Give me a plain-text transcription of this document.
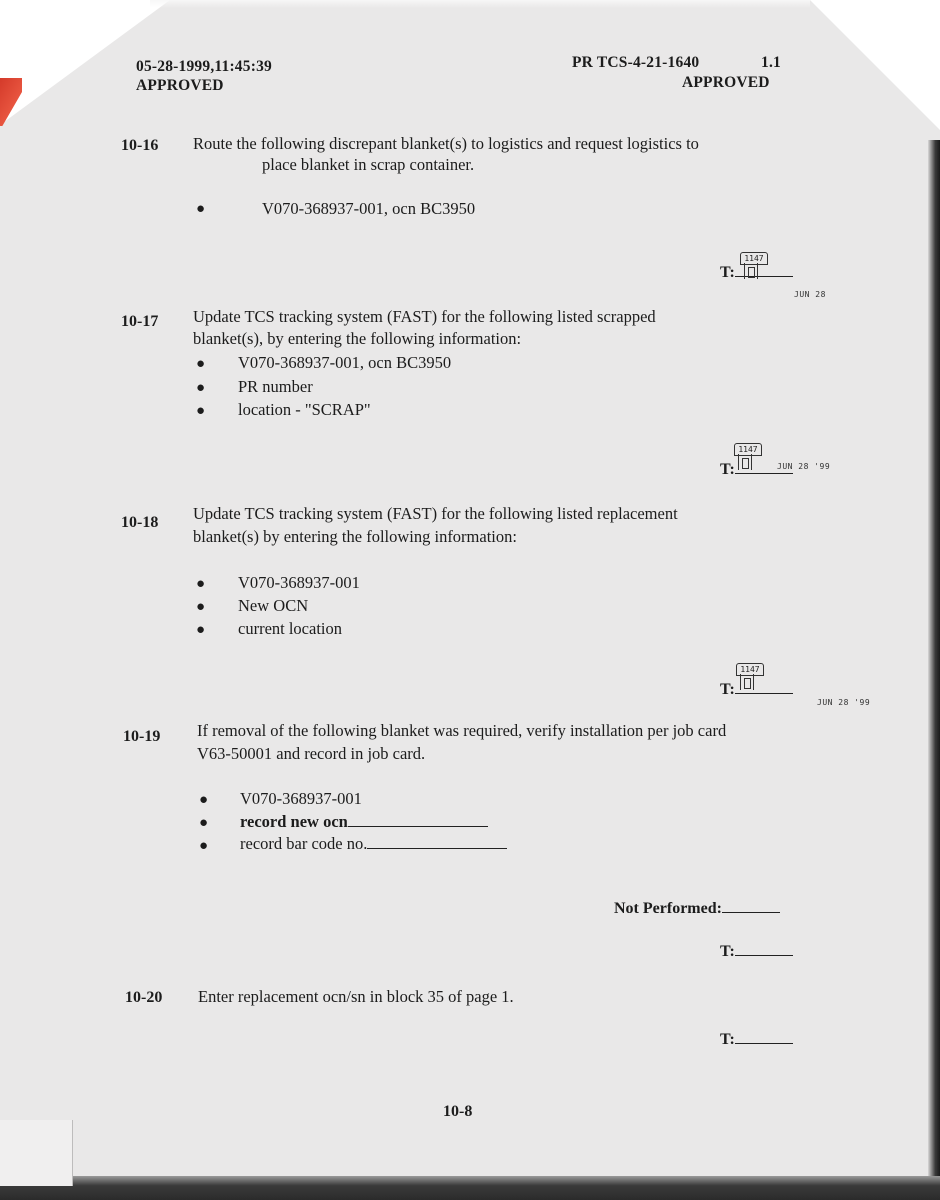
05-28-1999,11:45:39
APPROVED
PR TCS-4-21-1640	1.1
APPROVED
10-16 Route the following discrepant blanket(s) to logistics and request logistics to
place blanket in scrap container.
●	V070-368937-001, ocn BC3950
T:
1147
JUN 28
10-17 Update TCS tracking system (FAST) for the following listed scrapped
blanket(s), by entering the following information:
● V070-368937-001, ocn BC3950
● PR number
● location - "SCRAP"
T:
1147
JUN 28 '99
10-18 Update TCS tracking system (FAST) for the following listed replacement
blanket(s) by entering the following information:
● V070-368937-001
● New OCN
● current location
T:
1147
JUN 28 '99
10-19 If removal of the following blanket was required, verify installation per job card
V63-50001 and record in job card.
● V070-368937-001
● record new ocn
● record bar code no.
Not Performed:
T:
10-20 Enter replacement ocn/sn in block 35 of page 1.
T:
10-8
